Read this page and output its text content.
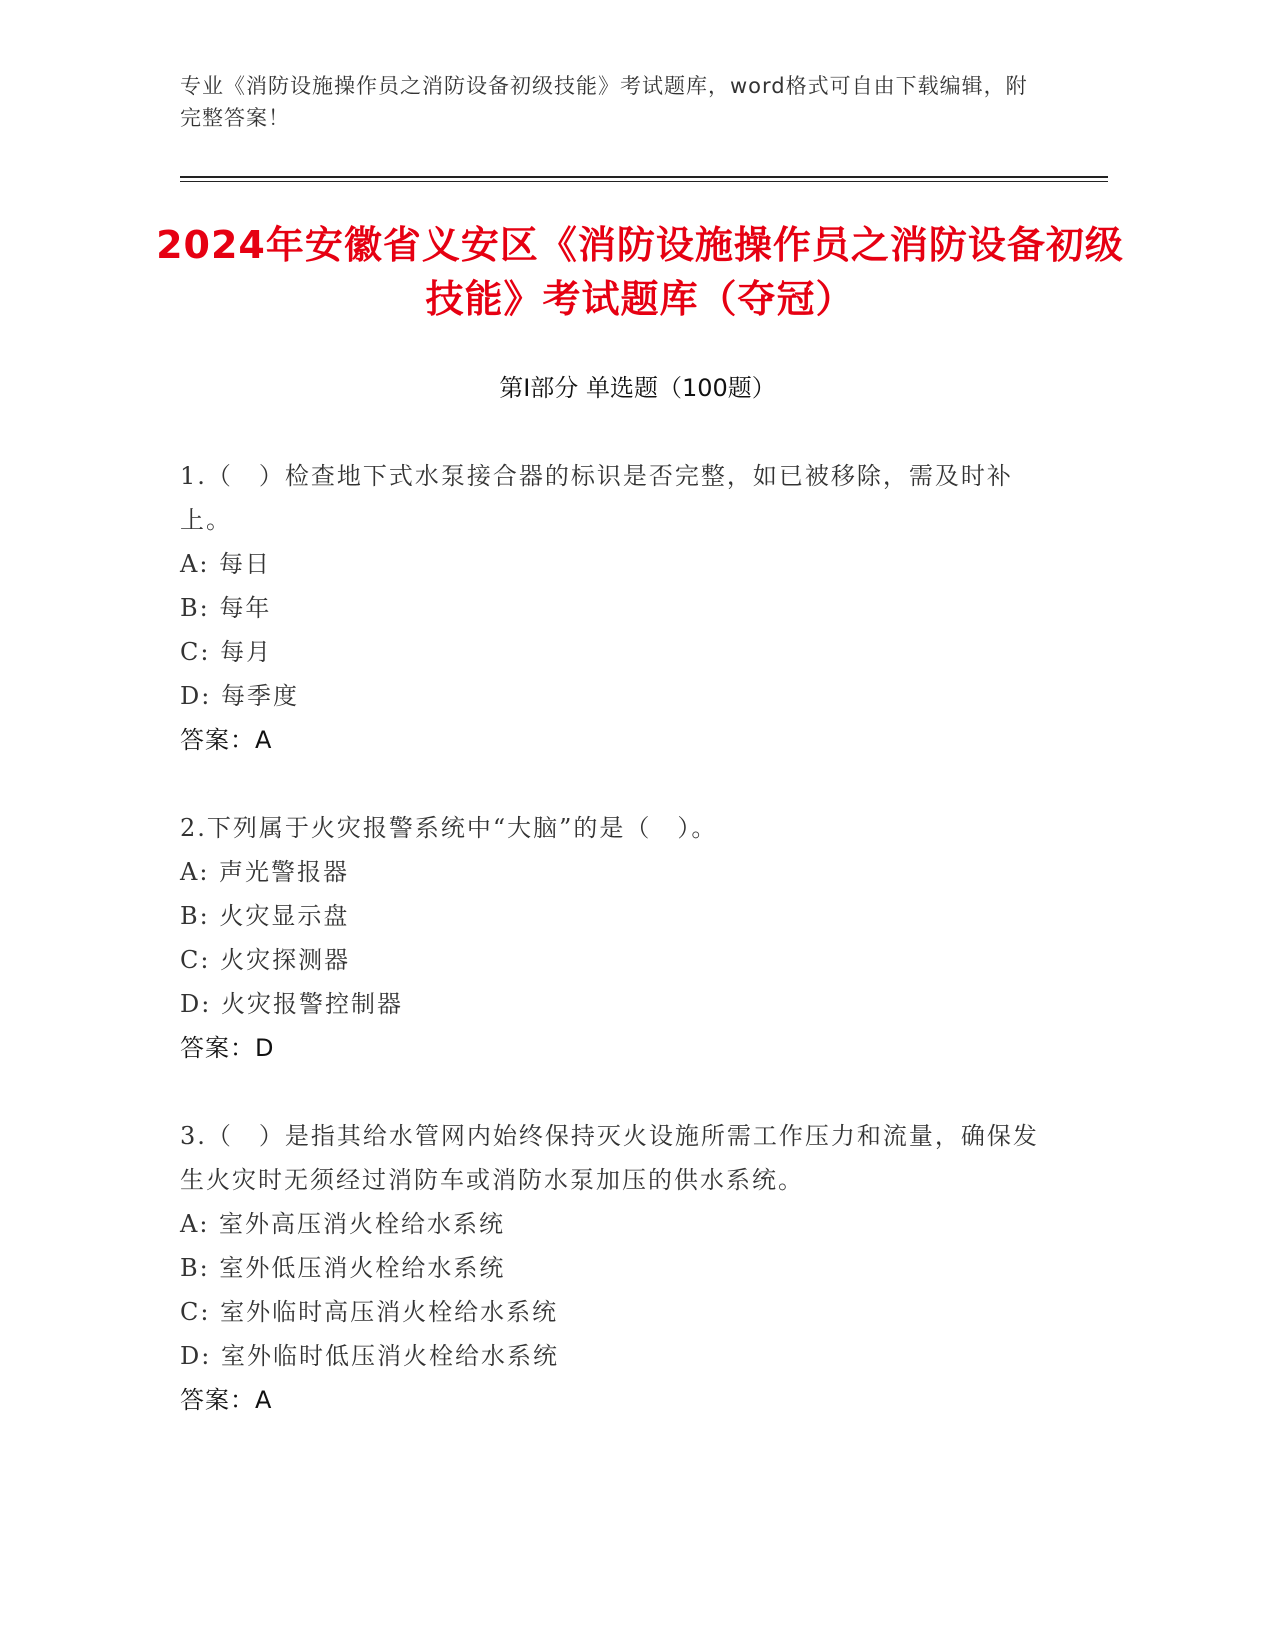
专业《消防设施操作员之消防设备初级技能》考试题库，word格式可自由下载编辑，附完整答案！
2024年安徽省义安区《消防设施操作员之消防设备初级技能》考试题库（夺冠）
第I部分 单选题（100题）
1.（　）检查地下式水泵接合器的标识是否完整，如已被移除，需及时补上。
A: 每日
B: 每年
C: 每月
D: 每季度
答案：A
2.下列属于火灾报警系统中“大脑”的是（　）。
A: 声光警报器
B: 火灾显示盘
C: 火灾探测器
D: 火灾报警控制器
答案：D
3.（　）是指其给水管网内始终保持灭火设施所需工作压力和流量，确保发生火灾时无须经过消防车或消防水泵加压的供水系统。
A: 室外高压消火栓给水系统
B: 室外低压消火栓给水系统
C: 室外临时高压消火栓给水系统
D: 室外临时低压消火栓给水系统
答案：A
